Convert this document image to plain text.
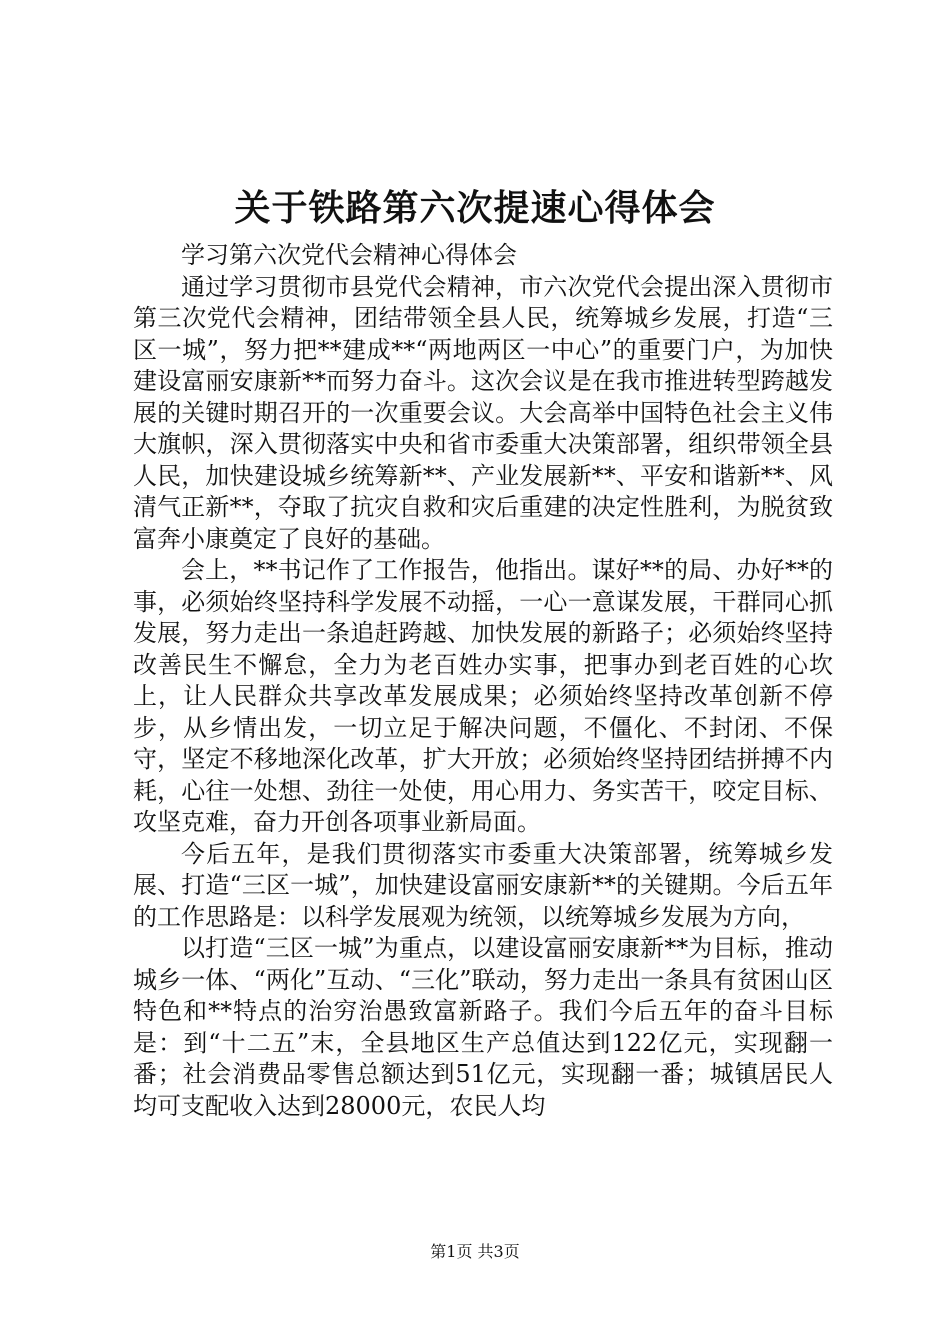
关于铁路第六次提速心得体会

学习第六次党代会精神心得体会

通过学习贯彻市县党代会精神，市六次党代会提出深入贯彻市第三次党代会精神，团结带领全县人民，统筹城乡发展，打造“三区一城”，努力把**建成**“两地两区一中心”的重要门户，为加快建设富丽安康新**而努力奋斗。这次会议是在我市推进转型跨越发展的关键时期召开的一次重要会议。大会高举中国特色社会主义伟大旗帜，深入贯彻落实中央和省市委重大决策部署，组织带领全县人民，加快建设城乡统筹新**、产业发展新**、平安和谐新**、风清气正新**，夺取了抗灾自救和灾后重建的决定性胜利，为脱贫致富奔小康奠定了良好的基础。

会上，**书记作了工作报告，他指出。谋好**的局、办好**的事，必须始终坚持科学发展不动摇，一心一意谋发展，干群同心抓发展，努力走出一条追赶跨越、加快发展的新路子；必须始终坚持改善民生不懈怠，全力为老百姓办实事，把事办到老百姓的心坎上，让人民群众共享改革发展成果；必须始终坚持改革创新不停步，从乡情出发，一切立足于解决问题，不僵化、不封闭、不保守，坚定不移地深化改革，扩大开放；必须始终坚持团结拼搏不内耗，心往一处想、劲往一处使，用心用力、务实苦干，咬定目标、攻坚克难，奋力开创各项事业新局面。

今后五年，是我们贯彻落实市委重大决策部署，统筹城乡发展、打造“三区一城”，加快建设富丽安康新**的关键期。今后五年的工作思路是：以科学发展观为统领，以统筹城乡发展为方向，

以打造“三区一城”为重点，以建设富丽安康新**为目标，推动城乡一体、“两化”互动、“三化”联动，努力走出一条具有贫困山区特色和**特点的治穷治愚致富新路子。我们今后五年的奋斗目标是：到“十二五”末，全县地区生产总值达到122亿元，实现翻一番；社会消费品零售总额达到51亿元，实现翻一番；城镇居民人均可支配收入达到28000元，农民人均

第1页 共3页
